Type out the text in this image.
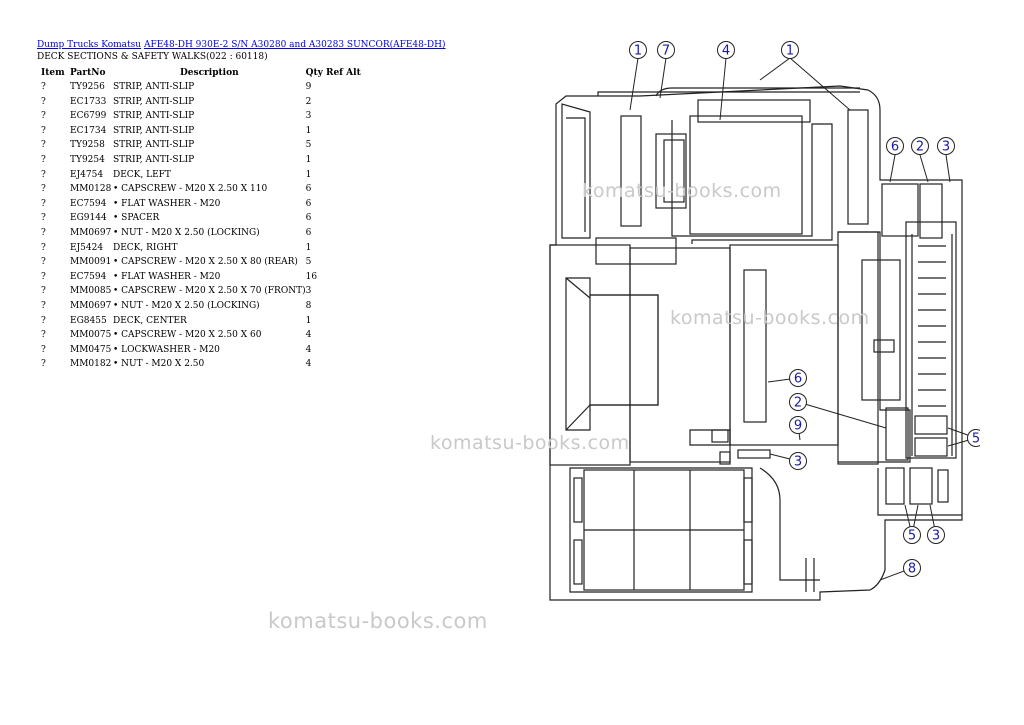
Dump Trucks Komatsu AFE48-DH 930E-2 S/N A30280 and A30283 SUNCOR(AFE48-DH)
DECK SECTIONS & SAFETY WALKS(022 : 60118)
Item	PartNo	Description	Qty Ref Alt
?	TY9256	STRIP, ANTI-SLIP	9
?	EC1733	STRIP, ANTI-SLIP	2
?	EC6799	STRIP, ANTI-SLIP	3
?	EC1734	STRIP, ANTI-SLIP	1
?	TY9258	STRIP, ANTI-SLIP	5
?	TY9254	STRIP, ANTI-SLIP	1
?	EJ4754	DECK, LEFT	1
?	MM0128	• CAPSCREW - M20 X 2.50 X 110	6
?	EC7594	• FLAT WASHER - M20	6
?	EG9144	• SPACER	6
?	MM0697	• NUT - M20 X 2.50 (LOCKING)	6
?	EJ5424	DECK, RIGHT	1
?	MM0091	• CAPSCREW - M20 X 2.50 X 80 (REAR)	5
?	EC7594	• FLAT WASHER - M20	16
?	MM0085	• CAPSCREW - M20 X 2.50 X 70 (FRONT)	3
?	MM0697	• NUT - M20 X 2.50 (LOCKING)	8
?	EG8455	DECK, CENTER	1
?	MM0075	• CAPSCREW - M20 X 2.50 X 60	4
?	MM0475	• LOCKWASHER - M20	4
?	MM0182	• NUT - M20 X 2.50	4
1 7	4	1
6 2 3
6
2
9
3
5
5 3
8
komatsu-books.com
komatsu-books.com
komatsu-books.com
komatsu-books.com
